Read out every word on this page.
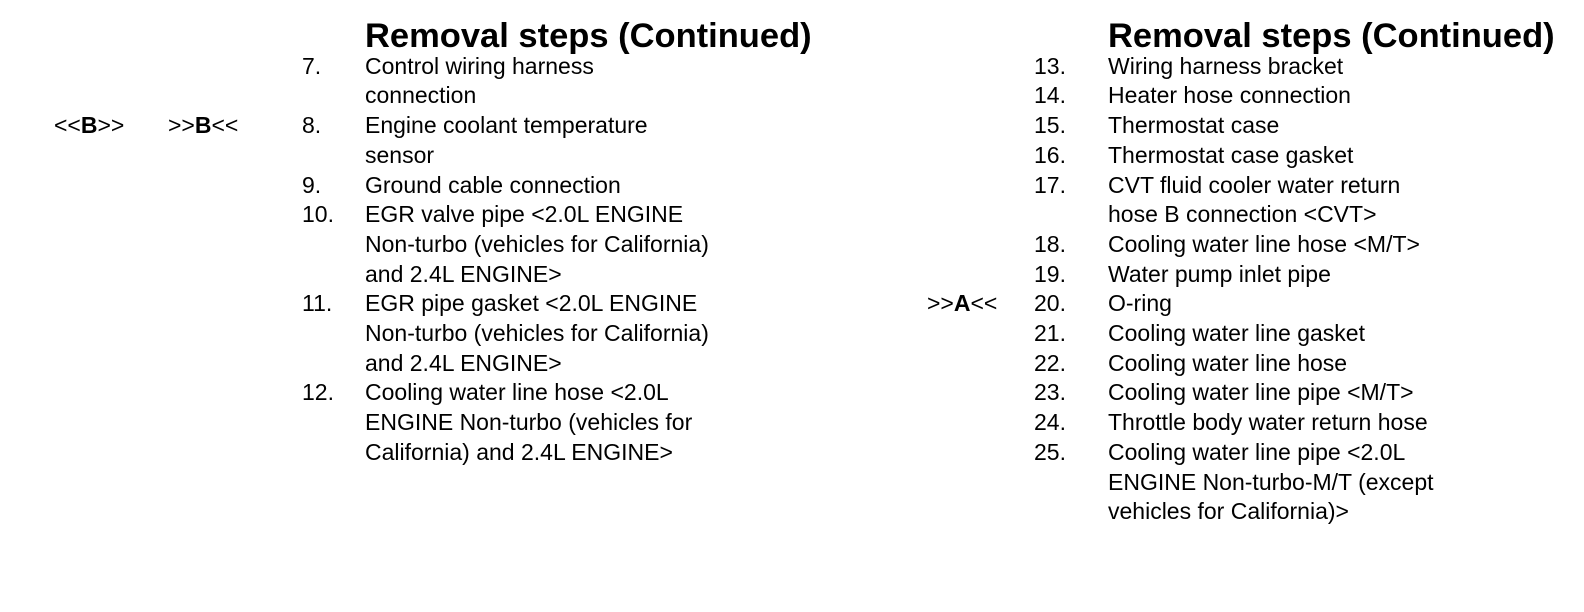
Removal steps (Continued)
7. Control wiring harness
connection
<<B>> >>B<<	8. Engine coolant temperature
sensor
9. Ground cable connection
10. EGR valve pipe <2.0L ENGINE
Non-turbo (vehicles for California)
and 2.4L ENGINE>
11. EGR pipe gasket <2.0L ENGINE
Non-turbo (vehicles for California)
and 2.4L ENGINE>
12. Cooling water line hose <2.0L
ENGINE Non-turbo (vehicles for
California) and 2.4L ENGINE>
Removal steps (Continued)
13. Wiring harness bracket
14. Heater hose connection
15. Thermostat case
16. Thermostat case gasket
17. CVT fluid cooler water return
hose B connection <CVT>
18. Cooling water line hose <M/T>
19. Water pump inlet pipe
>>A<< 20. O-ring
21. Cooling water line gasket
22. Cooling water line hose
23. Cooling water line pipe <M/T>
24. Throttle body water return hose
25. Cooling water line pipe <2.0L
ENGINE Non-turbo-M/T (except
vehicles for California)>
